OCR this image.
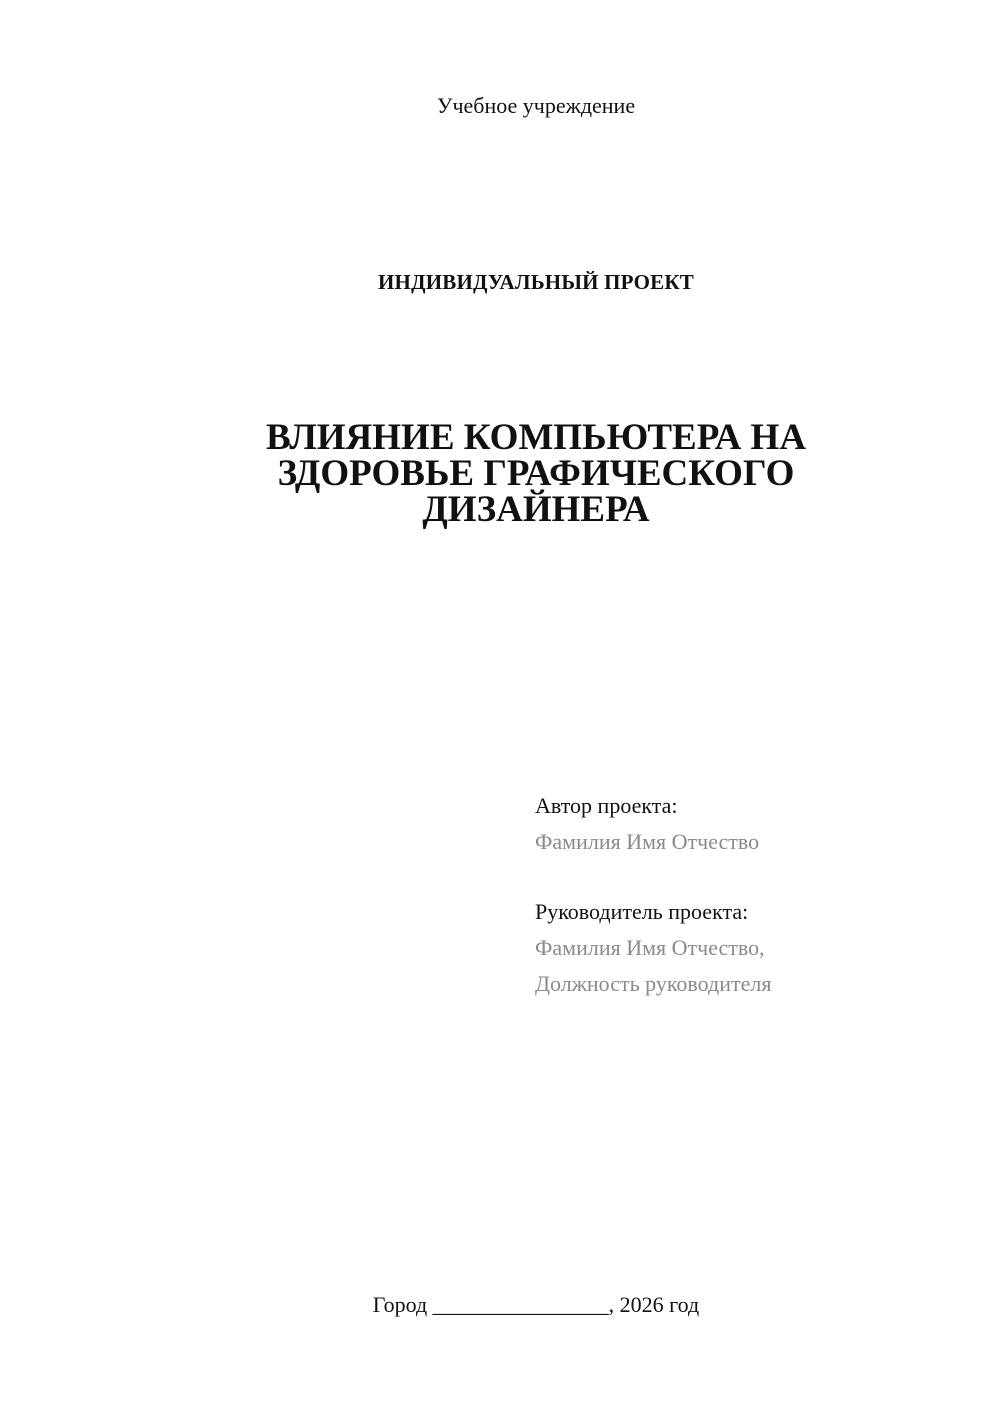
Учебное учреждение
ИНДИВИДУАЛЬНЫЙ ПРОЕКТ
ВЛИЯНИЕ КОМПЬЮТЕРА НА
ЗДОРОВЬЕ ГРАФИЧЕСКОГО
ДИЗАЙНЕРА
Автор проекта:
Фамилия Имя Отчество
Руководитель проекта:
Фамилия Имя Отчество,
Должность руководителя
Город ________________, 2026 год
